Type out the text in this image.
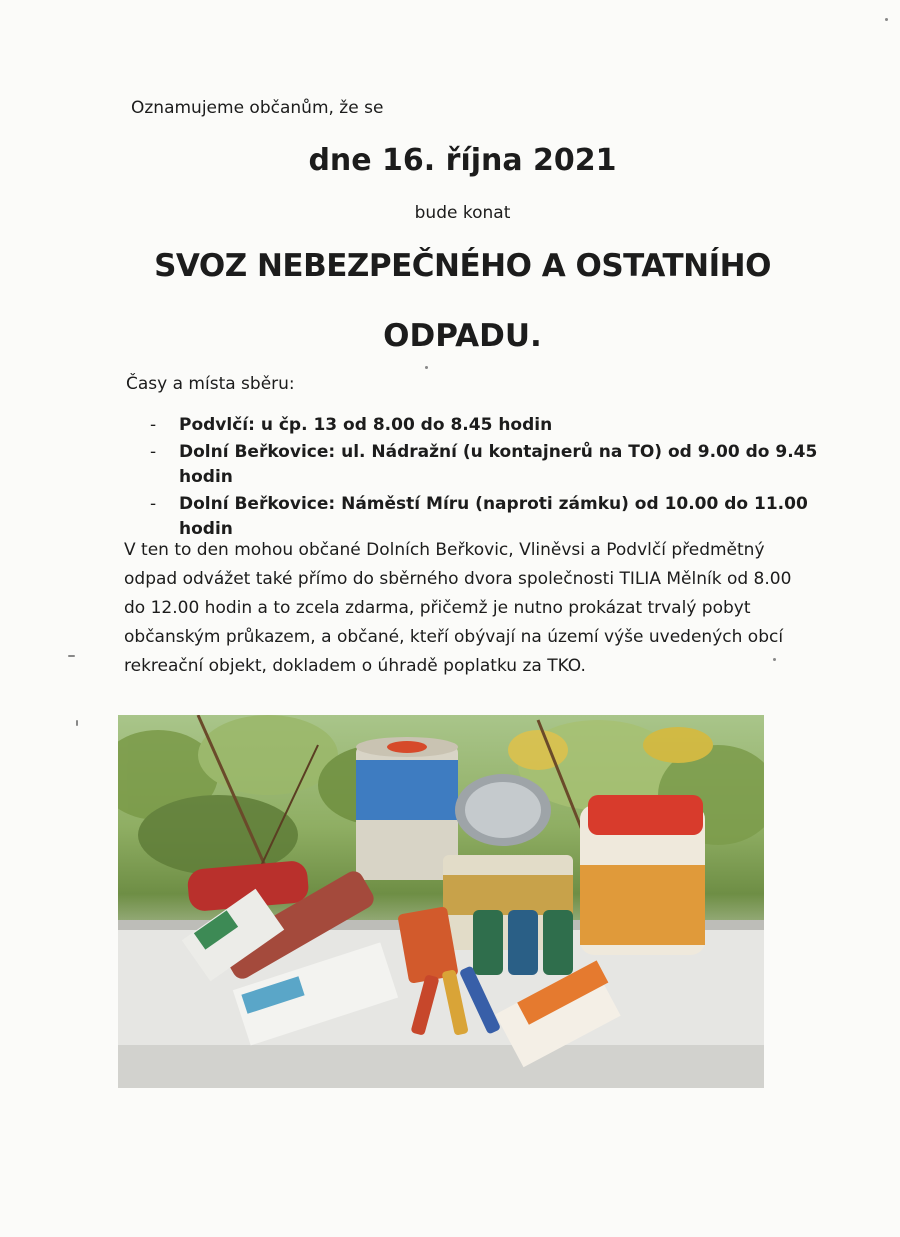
Oznamujeme občanům, že se
dne 16. října 2021
bude konat
SVOZ NEBEZPEČNÉHO A OSTATNÍHO
ODPADU.
Časy a místa sběru:
-	Podvlčí: u čp. 13 od 8.00 do 8.45 hodin
-	Dolní Beřkovice: ul. Nádražní (u kontajnerů na TO) od 9.00 do 9.45 hodin
-	Dolní Beřkovice: Náměstí Míru (naproti zámku) od 10.00 do 11.00 hodin
V ten to den mohou občané Dolních Beřkovic, Vliněvsi a Podvlčí předmětný odpad odvážet také přímo do sběrného dvora společnosti TILIA Mělník od 8.00 do 12.00 hodin a to zcela zdarma, přičemž je nutno prokázat trvalý pobyt občanským průkazem, a občané, kteří obývají na území výše uvedených obcí rekreační objekt, dokladem o úhradě poplatku za TKO.
